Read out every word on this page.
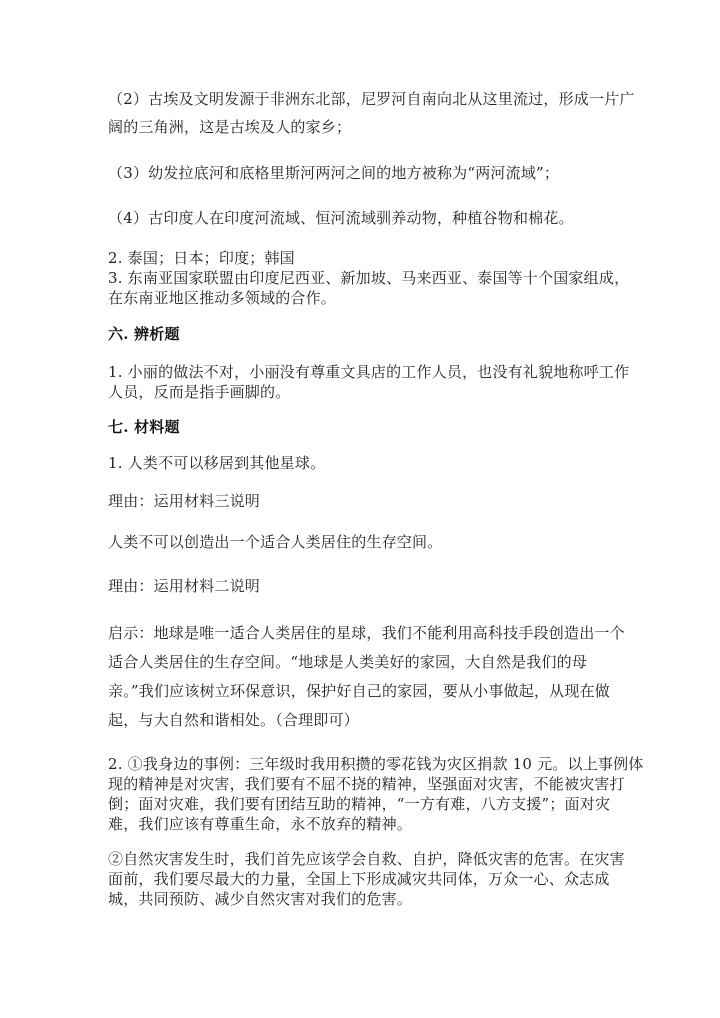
（2）古埃及文明发源于非洲东北部，尼罗河自南向北从这里流过，形成一片广
阔的三角洲，这是古埃及人的家乡；
（3）幼发拉底河和底格里斯河两河之间的地方被称为“两河流域”；
（4）古印度人在印度河流域、恒河流域驯养动物，种植谷物和棉花。
2. 泰国；日本；印度；韩国
3. 东南亚国家联盟由印度尼西亚、新加坡、马来西亚、泰国等十个国家组成，
在东南亚地区推动多领域的合作。
六. 辨析题
1. 小丽的做法不对，小丽没有尊重文具店的工作人员，也没有礼貌地称呼工作
人员，反而是指手画脚的。
七. 材料题
1. 人类不可以移居到其他星球。
理由：运用材料三说明
人类不可以创造出一个适合人类居住的生存空间。
理由：运用材料二说明
启示：地球是唯一适合人类居住的星球，我们不能利用高科技手段创造出一个
适合人类居住的生存空间。“地球是人类美好的家园，大自然是我们的母
亲。”我们应该树立环保意识，保护好自己的家园，要从小事做起，从现在做
起，与大自然和谐相处。（合理即可）
2. ①我身边的事例：三年级时我用积攒的零花钱为灾区捐款 10 元。以上事例体
现的精神是对灾害，我们要有不屈不挠的精神，坚强面对灾害，不能被灾害打
倒；面对灾难，我们要有团结互助的精神，“一方有难，八方支援”；面对灾
难，我们应该有尊重生命，永不放弃的精神。
②自然灾害发生时，我们首先应该学会自救、自护，降低灾害的危害。在灾害
面前，我们要尽最大的力量，全国上下形成减灾共同体，万众一心、众志成
城，共同预防、减少自然灾害对我们的危害。
